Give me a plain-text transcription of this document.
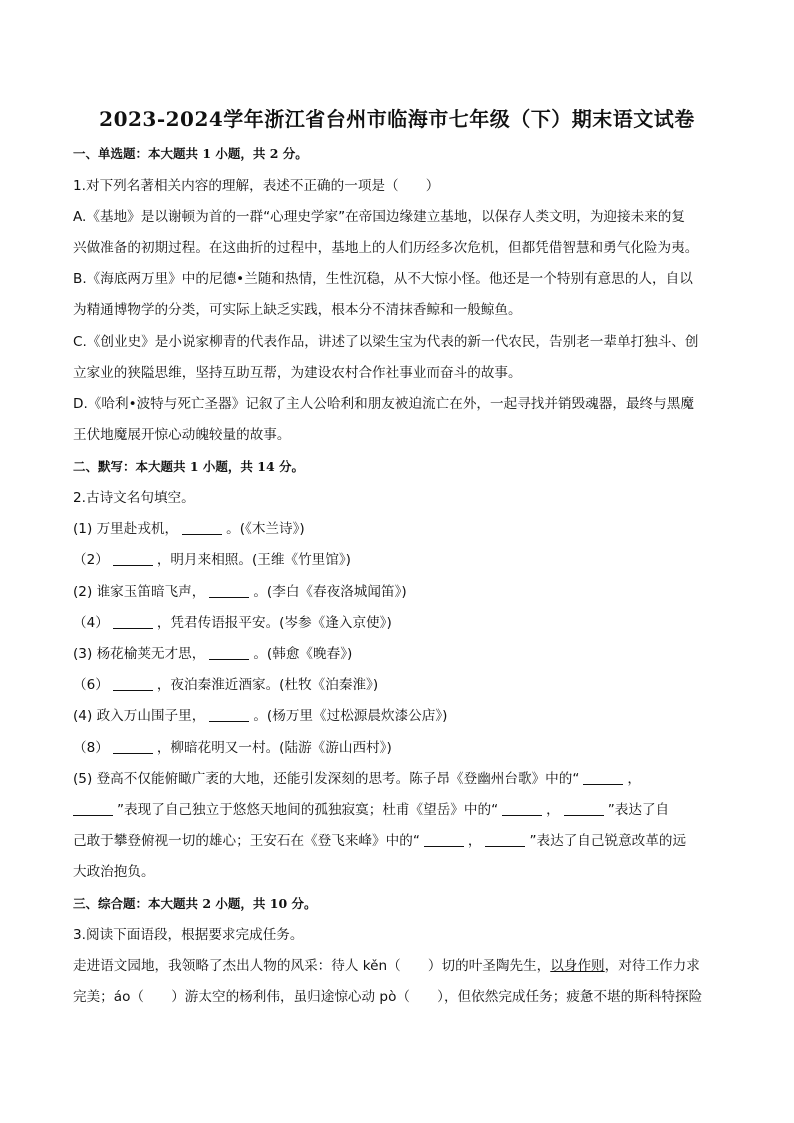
2023-2024学年浙江省台州市临海市七年级（下）期末语文试卷
一、单选题：本大题共 1 小题，共 2 分。
1.对下列名著相关内容的理解，表述不正确的一项是（　　）
A.《基地》是以谢顿为首的一群“心理史学家”在帝国边缘建立基地，以保存人类文明，为迎接未来的复
兴做准备的初期过程。在这曲折的过程中，基地上的人们历经多次危机，但都凭借智慧和勇气化险为夷。
B.《海底两万里》中的尼德•兰随和热情，生性沉稳，从不大惊小怪。他还是一个特别有意思的人，自以
为精通博物学的分类，可实际上缺乏实践，根本分不清抹香鲸和一般鲸鱼。
C.《创业史》是小说家柳青的代表作品，讲述了以梁生宝为代表的新一代农民，告别老一辈单打独斗、创
立家业的狭隘思维，坚持互助互帮，为建设农村合作社事业而奋斗的故事。
D.《哈利•波特与死亡圣器》记叙了主人公哈利和朋友被迫流亡在外，一起寻找并销毁魂器，最终与黑魔
王伏地魔展开惊心动魄较量的故事。
二、默写：本大题共 1 小题，共 14 分。
2.古诗文名句填空。
(1) 万里赴戎机，	。(《木兰诗》)
（2）	，明月来相照。(王维《竹里馆》)
(2) 谁家玉笛暗飞声，	。(李白《春夜洛城闻笛》)
（4）	，凭君传语报平安。(岑参《逢入京使》)
(3) 杨花榆荚无才思，	。(韩愈《晚春》)
（6）	，夜泊秦淮近酒家。(杜牧《泊秦淮》)
(4) 政入万山围子里，	。(杨万里《过松源晨炊漆公店》)
（8）	，柳暗花明又一村。(陆游《游山西村》)
(5) 登高不仅能俯瞰广袤的大地，还能引发深刻的思考。陈子昂《登幽州台歌》中的“	，
”表现了自己独立于悠悠天地间的孤独寂寞；杜甫《望岳》中的“	，	”表达了自
己敢于攀登俯视一切的雄心；王安石在《登飞来峰》中的“	，	”表达了自己锐意改革的远
大政治抱负。
三、综合题：本大题共 2 小题，共 10 分。
3.阅读下面语段，根据要求完成任务。
走进语文园地，我领略了杰出人物的风采：待人 kěn（　　）切的叶圣陶先生，以身作则，对待工作力求
完美；áo（　　）游太空的杨利伟，虽归途惊心动 pò（　　），但依然完成任务；疲惫不堪的斯科特探险
